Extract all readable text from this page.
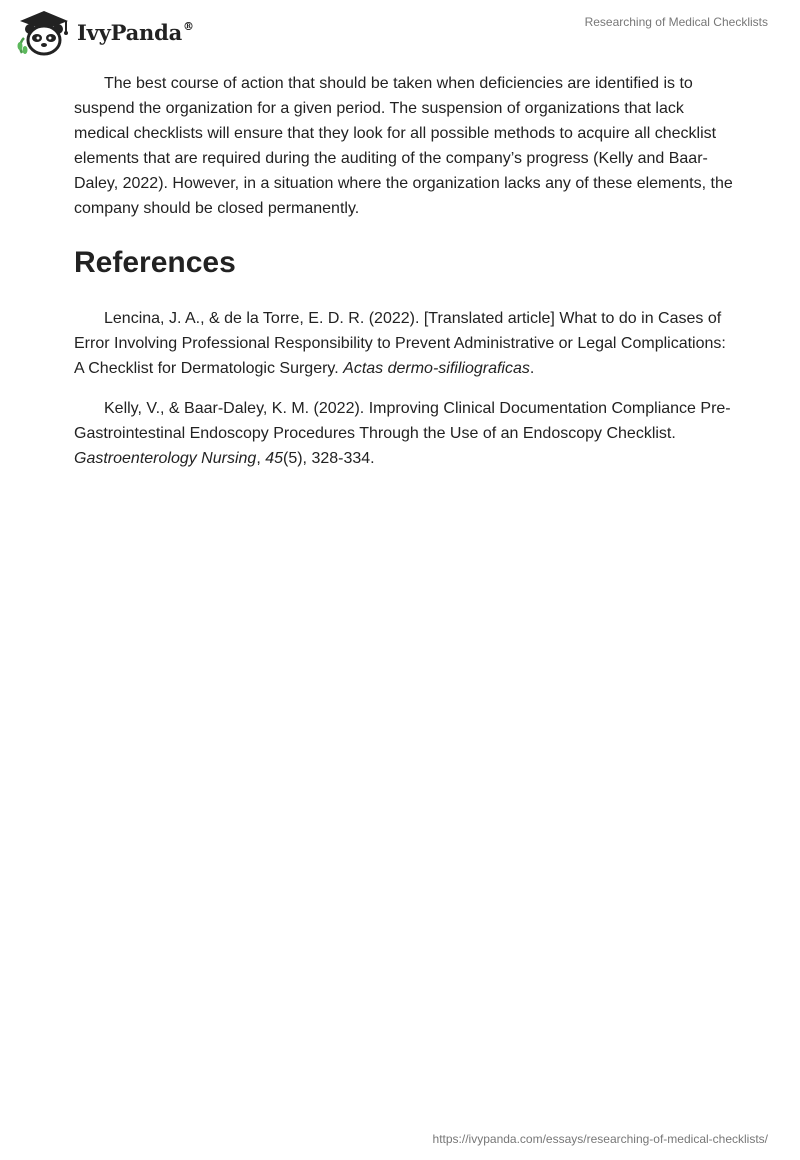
IvyPanda®	Researching of Medical Checklists

The best course of action that should be taken when deficiencies are identified is to suspend the organization for a given period. The suspension of organizations that lack medical checklists will ensure that they look for all possible methods to acquire all checklist elements that are required during the auditing of the company’s progress (Kelly and Baar-Daley, 2022). However, in a situation where the organization lacks any of these elements, the company should be closed permanently.

References

Lencina, J. A., & de la Torre, E. D. R. (2022). [Translated article] What to do in Cases of Error Involving Professional Responsibility to Prevent Administrative or Legal Complications: A Checklist for Dermatologic Surgery. Actas dermo-sifiliograficas.

Kelly, V., & Baar-Daley, K. M. (2022). Improving Clinical Documentation Compliance Pre-Gastrointestinal Endoscopy Procedures Through the Use of an Endoscopy Checklist. Gastroenterology Nursing, 45(5), 328-334.

https://ivypanda.com/essays/researching-of-medical-checklists/
